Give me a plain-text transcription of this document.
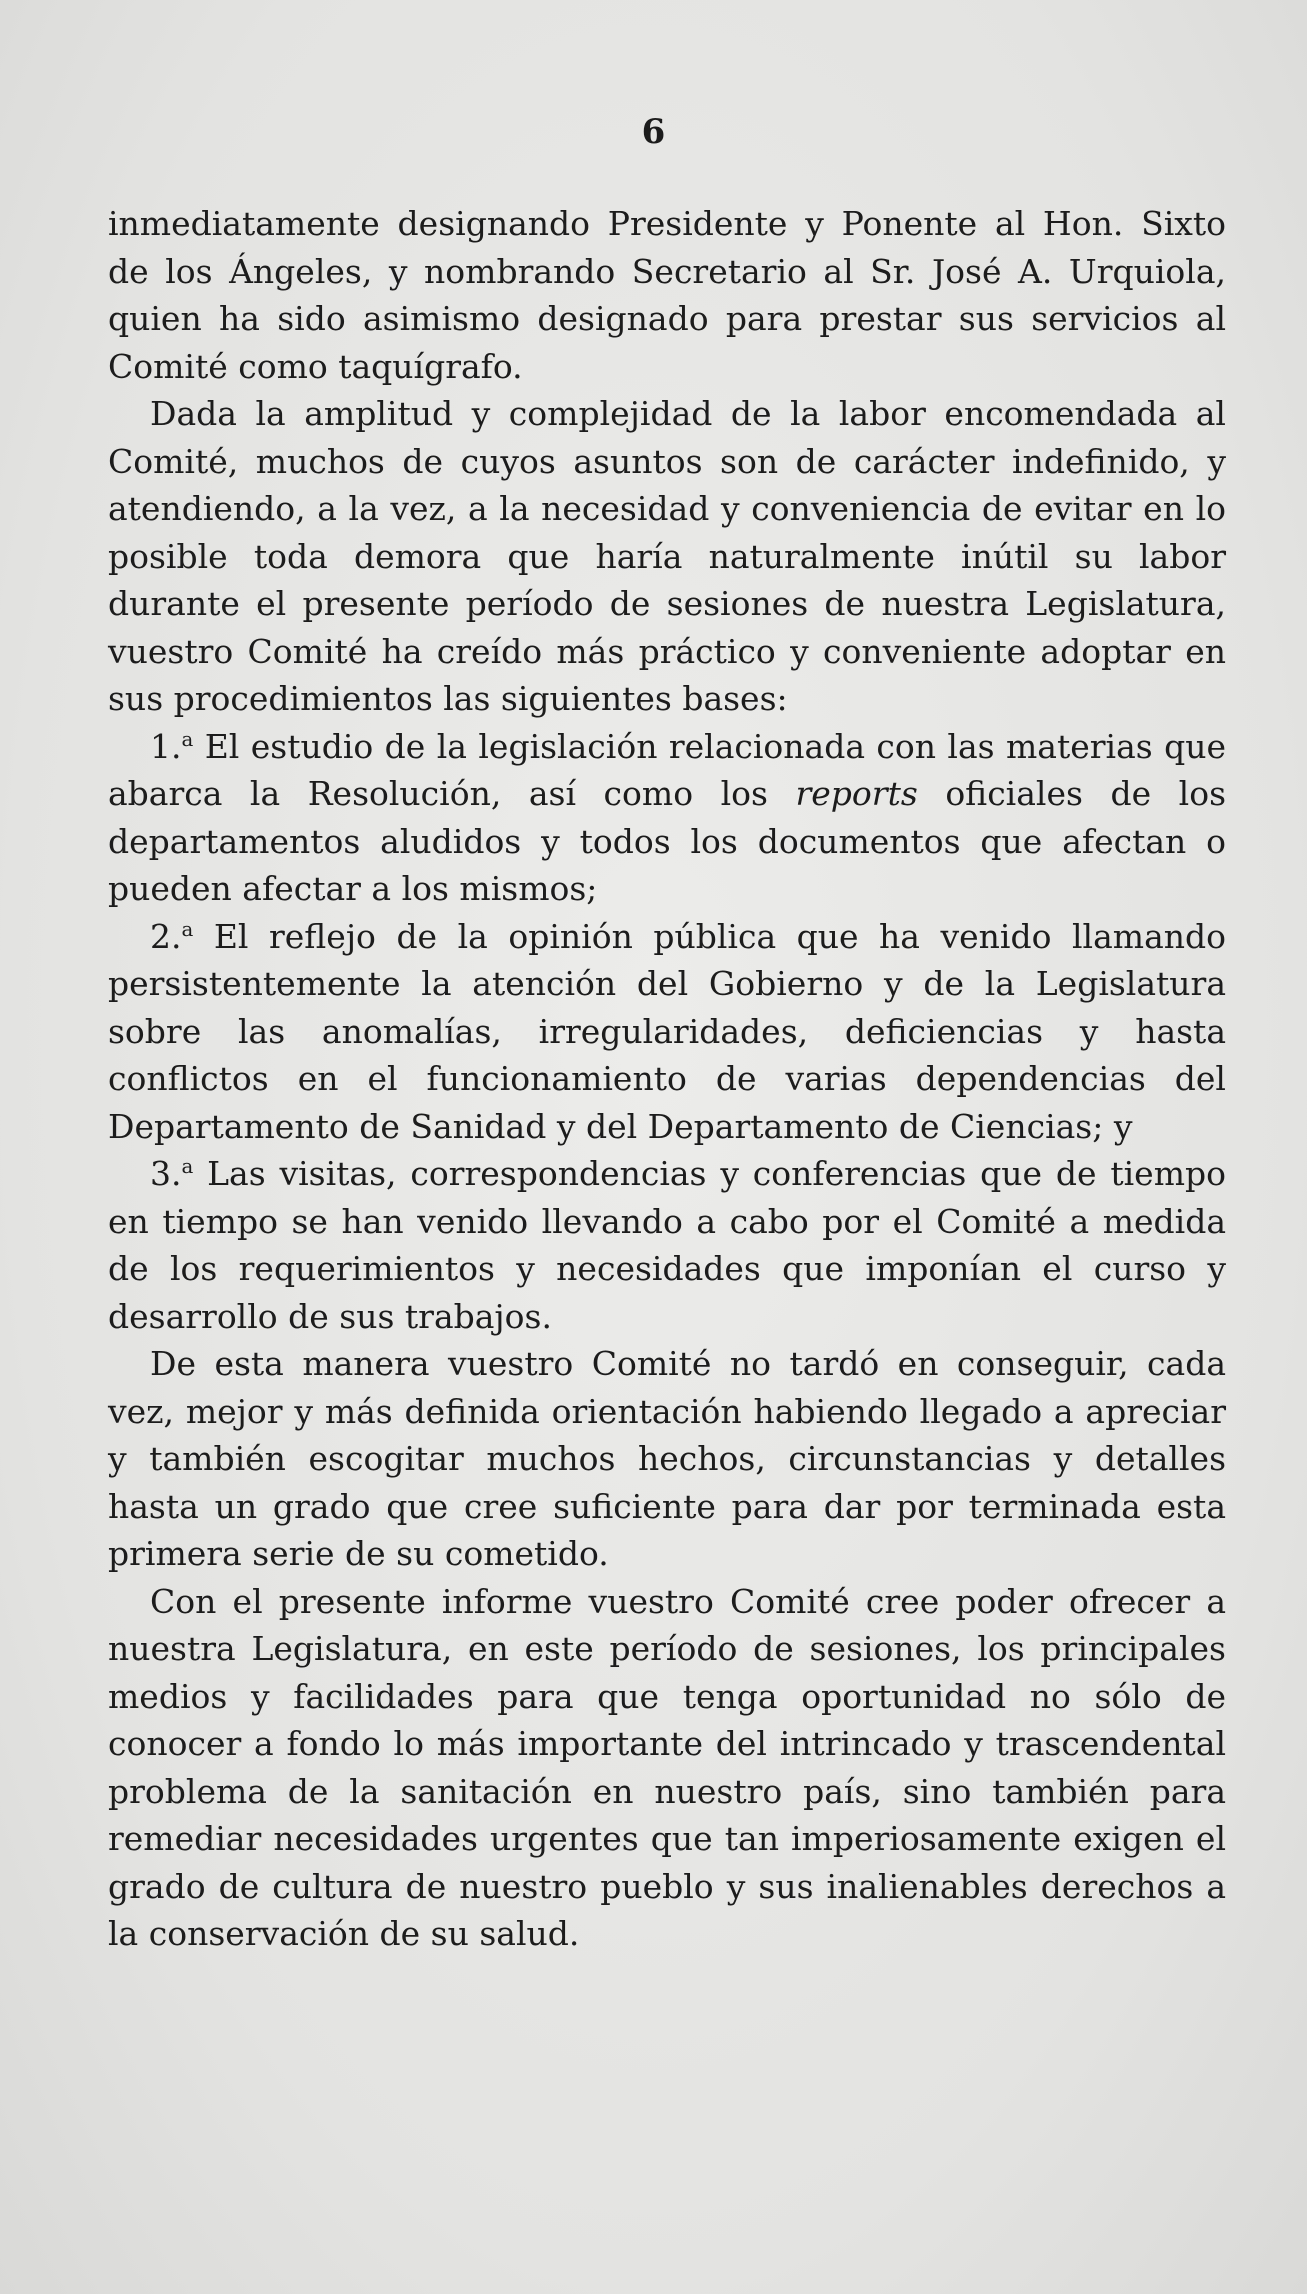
6

inmediatamente designando Presidente y Ponente al Hon. Sixto de los Ángeles, y nombrando Secretario al Sr. José A. Urquiola, quien ha sido asimismo designado para prestar sus servicios al Comité como taquígrafo.

Dada la amplitud y complejidad de la labor encomendada al Comité, muchos de cuyos asuntos son de carácter indefinido, y atendiendo, a la vez, a la necesidad y conveniencia de evitar en lo posible toda demora que haría naturalmente inútil su labor durante el presente período de sesiones de nuestra Legislatura, vuestro Comité ha creído más práctico y conveniente adoptar en sus procedimientos las siguientes bases:

1.$^a$ El estudio de la legislación relacionada con las materias que abarca la Resolución, así como los reports oficiales de los departamentos aludidos y todos los documentos que afectan o pueden afectar a los mismos;

2.$^a$ El reflejo de la opinión pública que ha venido llamando persistentemente la atención del Gobierno y de la Legislatura sobre las anomalías, irregularidades, deficiencias y hasta conflictos en el funcionamiento de varias dependencias del Departamento de Sanidad y del Departamento de Ciencias; y

3.$^a$ Las visitas, correspondencias y conferencias que de tiempo en tiempo se han venido llevando a cabo por el Comité a medida de los requerimientos y necesidades que imponían el curso y desarrollo de sus trabajos.

De esta manera vuestro Comité no tardó en conseguir, cada vez, mejor y más definida orientación habiendo llegado a apreciar y también escogitar muchos hechos, circunstancias y detalles hasta un grado que cree suficiente para dar por terminada esta primera serie de su cometido.

Con el presente informe vuestro Comité cree poder ofrecer a nuestra Legislatura, en este período de sesiones, los principales medios y facilidades para que tenga oportunidad no sólo de conocer a fondo lo más importante del intrincado y trascendental problema de la sanitación en nuestro país, sino también para remediar necesidades urgentes que tan imperiosamente exigen el grado de cultura de nuestro pueblo y sus inalienables derechos a la conservación de su salud.
